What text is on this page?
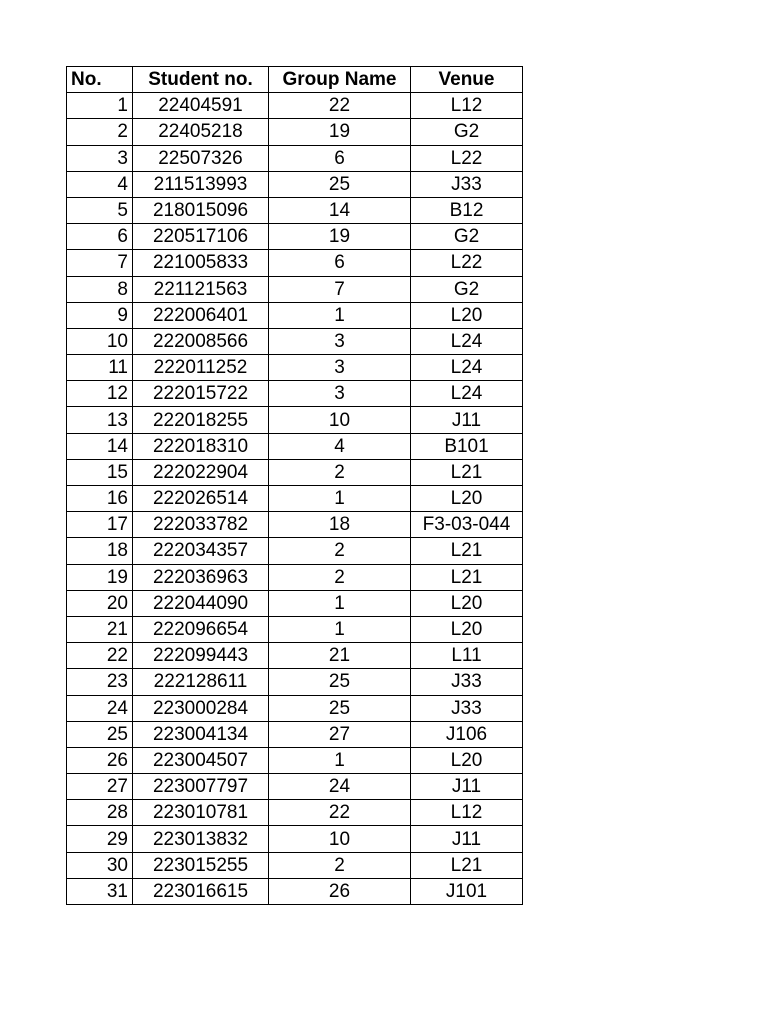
No.	Student no.	Group Name	Venue
1	22404591	22	L12
2	22405218	19	G2
3	22507326	6	L22
4	211513993	25	J33
5	218015096	14	B12
6	220517106	19	G2
7	221005833	6	L22
8	221121563	7	G2
9	222006401	1	L20
10	222008566	3	L24
11	222011252	3	L24
12	222015722	3	L24
13	222018255	10	J11
14	222018310	4	B101
15	222022904	2	L21
16	222026514	1	L20
17	222033782	18	F3-03-044
18	222034357	2	L21
19	222036963	2	L21
20	222044090	1	L20
21	222096654	1	L20
22	222099443	21	L11
23	222128611	25	J33
24	223000284	25	J33
25	223004134	27	J106
26	223004507	1	L20
27	223007797	24	J11
28	223010781	22	L12
29	223013832	10	J11
30	223015255	2	L21
31	223016615	26	J101
